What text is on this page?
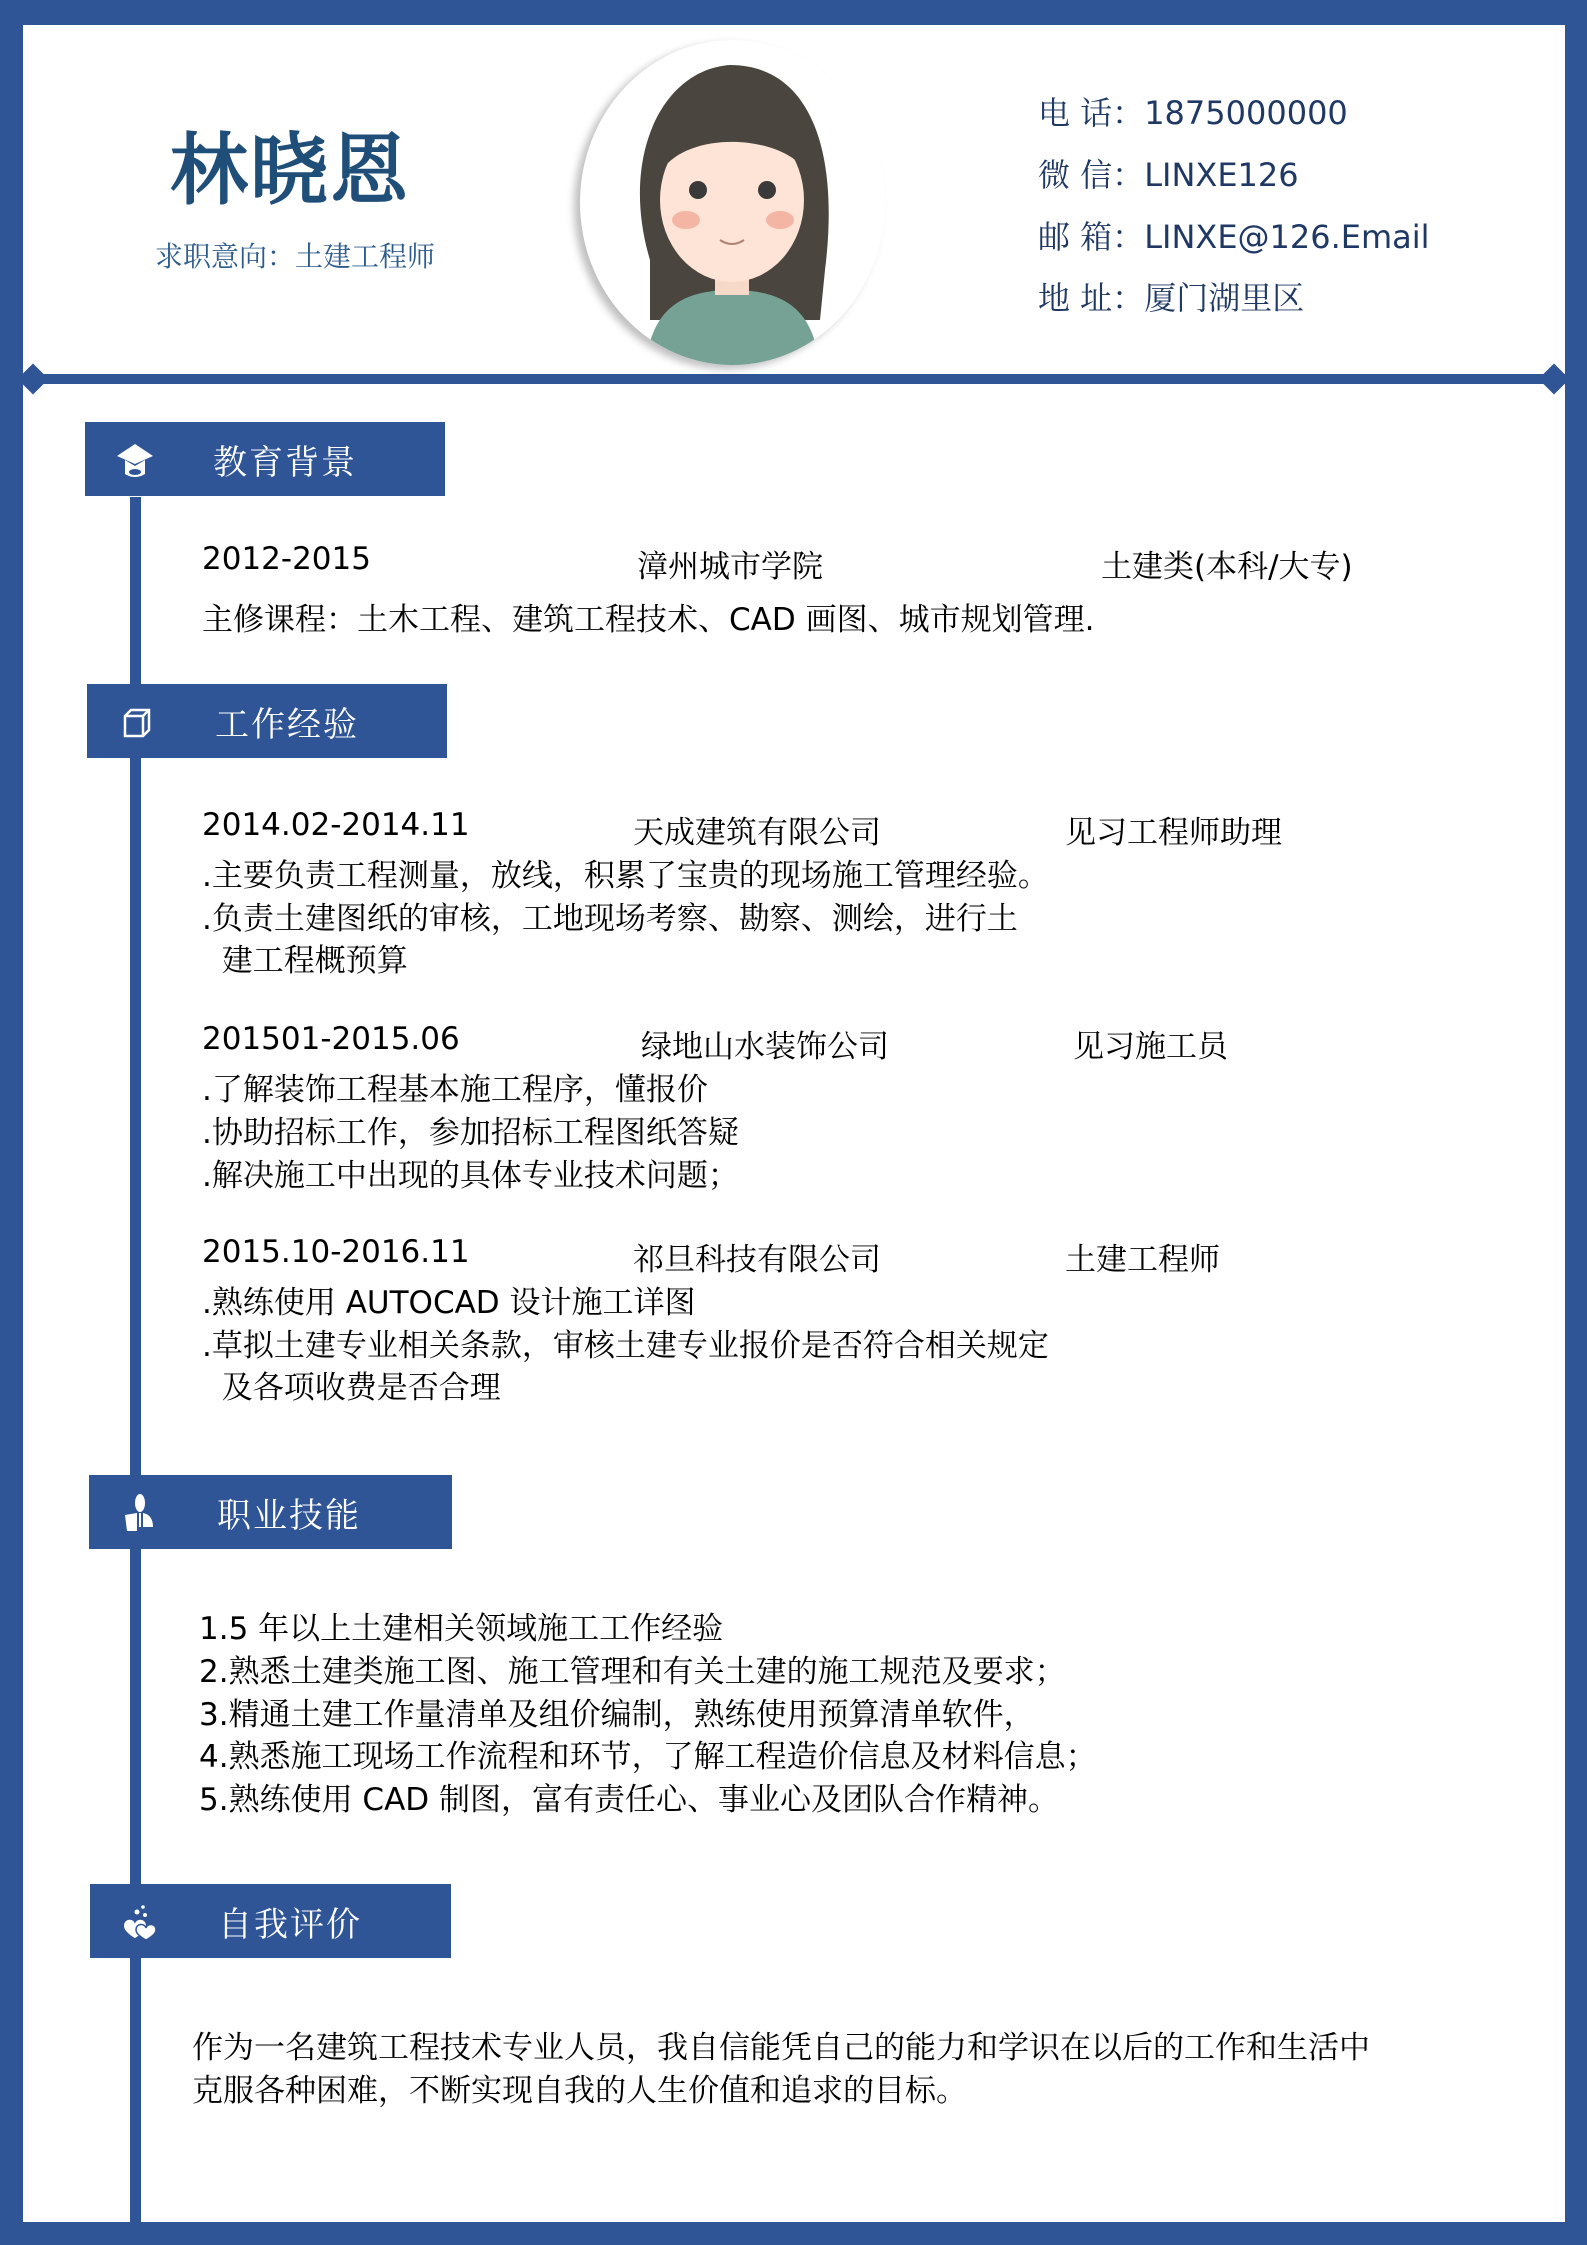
林晓恩
求职意向：土建工程师
电 话：1875000000
微 信：LINXE126
邮 箱：LINXE@126.Email
地 址：厦门湖里区
教育背景
2012-2015	漳州城市学院	土建类(本科/大专)
主修课程：土木工程、建筑工程技术、CAD 画图、城市规划管理.
工作经验
2014.02-2014.11	天成建筑有限公司	见习工程师助理
.主要负责工程测量，放线，积累了宝贵的现场施工管理经验。
.负责土建图纸的审核，工地现场考察、勘察、测绘，进行土
建工程概预算
201501-2015.06	绿地山水装饰公司	见习施工员
.了解装饰工程基本施工程序，懂报价
.协助招标工作，参加招标工程图纸答疑
.解决施工中出现的具体专业技术问题；
2015.10-2016.11	祁旦科技有限公司	土建工程师
.熟练使用 AUTOCAD 设计施工详图
.草拟土建专业相关条款，审核土建专业报价是否符合相关规定
及各项收费是否合理
职业技能
1.5 年以上土建相关领域施工工作经验
2.熟悉土建类施工图、施工管理和有关土建的施工规范及要求；
3.精通土建工作量清单及组价编制，熟练使用预算清单软件，
4.熟悉施工现场工作流程和环节，了解工程造价信息及材料信息；
5.熟练使用 CAD 制图，富有责任心、事业心及团队合作精神。
自我评价
作为一名建筑工程技术专业人员，我自信能凭自己的能力和学识在以后的工作和生活中
克服各种困难，不断实现自我的人生价值和追求的目标。
